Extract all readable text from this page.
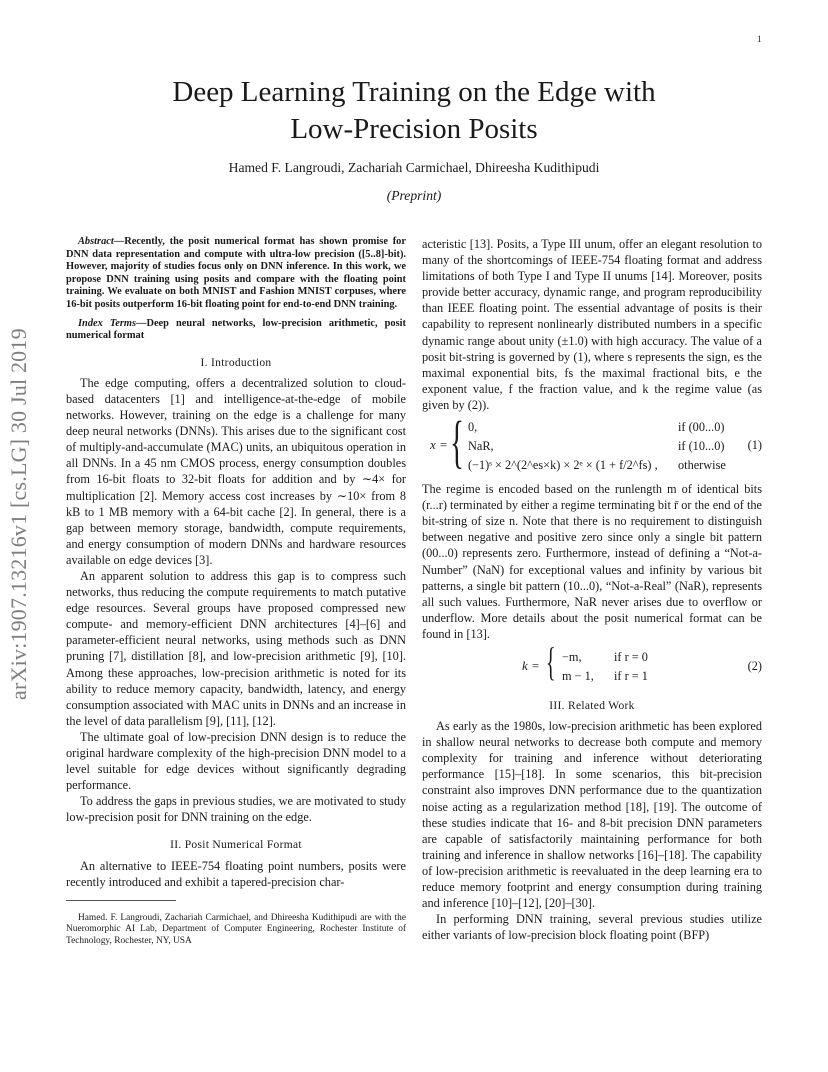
1
arXiv:1907.13216v1 [cs.LG] 30 Jul 2019
Deep Learning Training on the Edge with
Low-Precision Posits
Hamed F. Langroudi, Zachariah Carmichael, Dhireesha Kudithipudi
(Preprint)

Abstract—Recently, the posit numerical format has shown promise for DNN data representation and compute with ultra-low precision ([5..8]-bit). However, majority of studies focus only on DNN inference. In this work, we propose DNN training using posits and compare with the floating point training. We evaluate on both MNIST and Fashion MNIST corpuses, where 16-bit posits outperform 16-bit floating point for end-to-end DNN training.

Index Terms—Deep neural networks, low-precision arithmetic, posit numerical format

I. Introduction

The edge computing, offers a decentralized solution to cloud-based datacenters [1] and intelligence-at-the-edge of mobile networks. However, training on the edge is a challenge for many deep neural networks (DNNs). This arises due to the significant cost of multiply-and-accumulate (MAC) units, an ubiquitous operation in all DNNs. In a 45 nm CMOS process, energy consumption doubles from 16-bit floats to 32-bit floats for addition and by ∼4× for multiplication [2]. Memory access cost increases by ∼10× from 8 kB to 1 MB memory with a 64-bit cache [2]. In general, there is a gap between memory storage, bandwidth, compute requirements, and energy consumption of modern DNNs and hardware resources available on edge devices [3].

An apparent solution to address this gap is to compress such networks, thus reducing the compute requirements to match putative edge resources. Several groups have proposed compressed new compute- and memory-efficient DNN architectures [4]–[6] and parameter-efficient neural networks, using methods such as DNN pruning [7], distillation [8], and low-precision arithmetic [9], [10]. Among these approaches, low-precision arithmetic is noted for its ability to reduce memory capacity, bandwidth, latency, and energy consumption associated with MAC units in DNNs and an increase in the level of data parallelism [9], [11], [12].

The ultimate goal of low-precision DNN design is to reduce the original hardware complexity of the high-precision DNN model to a level suitable for edge devices without significantly degrading performance.

To address the gaps in previous studies, we are motivated to study low-precision posit for DNN training on the edge.

II. Posit Numerical Format

An alternative to IEEE-754 floating point numbers, posits were recently introduced and exhibit a tapered-precision char-

Hamed. F. Langroudi, Zachariah Carmichael, and Dhireesha Kudithipudi are with the Nueromorphic AI Lab, Department of Computer Engineering, Rochester Institute of Technology, Rochester, NY, USA

acteristic [13]. Posits, a Type III unum, offer an elegant resolution to many of the shortcomings of IEEE-754 floating format and address limitations of both Type I and Type II unums [14]. Moreover, posits provide better accuracy, dynamic range, and program reproducibility than IEEE floating point. The essential advantage of posits is their capability to represent nonlinearly distributed numbers in a specific dynamic range about unity (±1.0) with high accuracy. The value of a posit bit-string is governed by (1), where s represents the sign, es the maximal exponential bits, fs the maximal fractional bits, e the exponent value, f the fraction value, and k the regime value (as given by (2)).

x = { 0,
NaR,
(−1)ˢ × 2^(2^es×k) × 2ᵉ × (1 + f/2^fs) ,
if (00...0)
if (10...0)
otherwise
(1)

The regime is encoded based on the runlength m of identical bits (r...r) terminated by either a regime terminating bit r̄ or the end of the bit-string of size n. Note that there is no requirement to distinguish between negative and positive zero since only a single bit pattern (00...0) represents zero. Furthermore, instead of defining a “Not-a-Number” (NaN) for exceptional values and infinity by various bit patterns, a single bit pattern (10...0), “Not-a-Real” (NaR), represents all such values. Furthermore, NaR never arises due to overflow or underflow. More details about the posit numerical format can be found in [13].

k = { −m,
m − 1,
if r = 0
if r = 1
(2)
III. Related Work

As early as the 1980s, low-precision arithmetic has been explored in shallow neural networks to decrease both compute and memory complexity for training and inference without deteriorating performance [15]–[18]. In some scenarios, this bit-precision constraint also improves DNN performance due to the quantization noise acting as a regularization method [18], [19]. The outcome of these studies indicate that 16- and 8-bit precision DNN parameters are capable of satisfactorily maintaining performance for both training and inference in shallow networks [16]–[18]. The capability of low-precision arithmetic is reevaluated in the deep learning era to reduce memory footprint and energy consumption during training and inference [10]–[12], [20]–[30].

In performing DNN training, several previous studies utilize either variants of low-precision block floating point (BFP)
